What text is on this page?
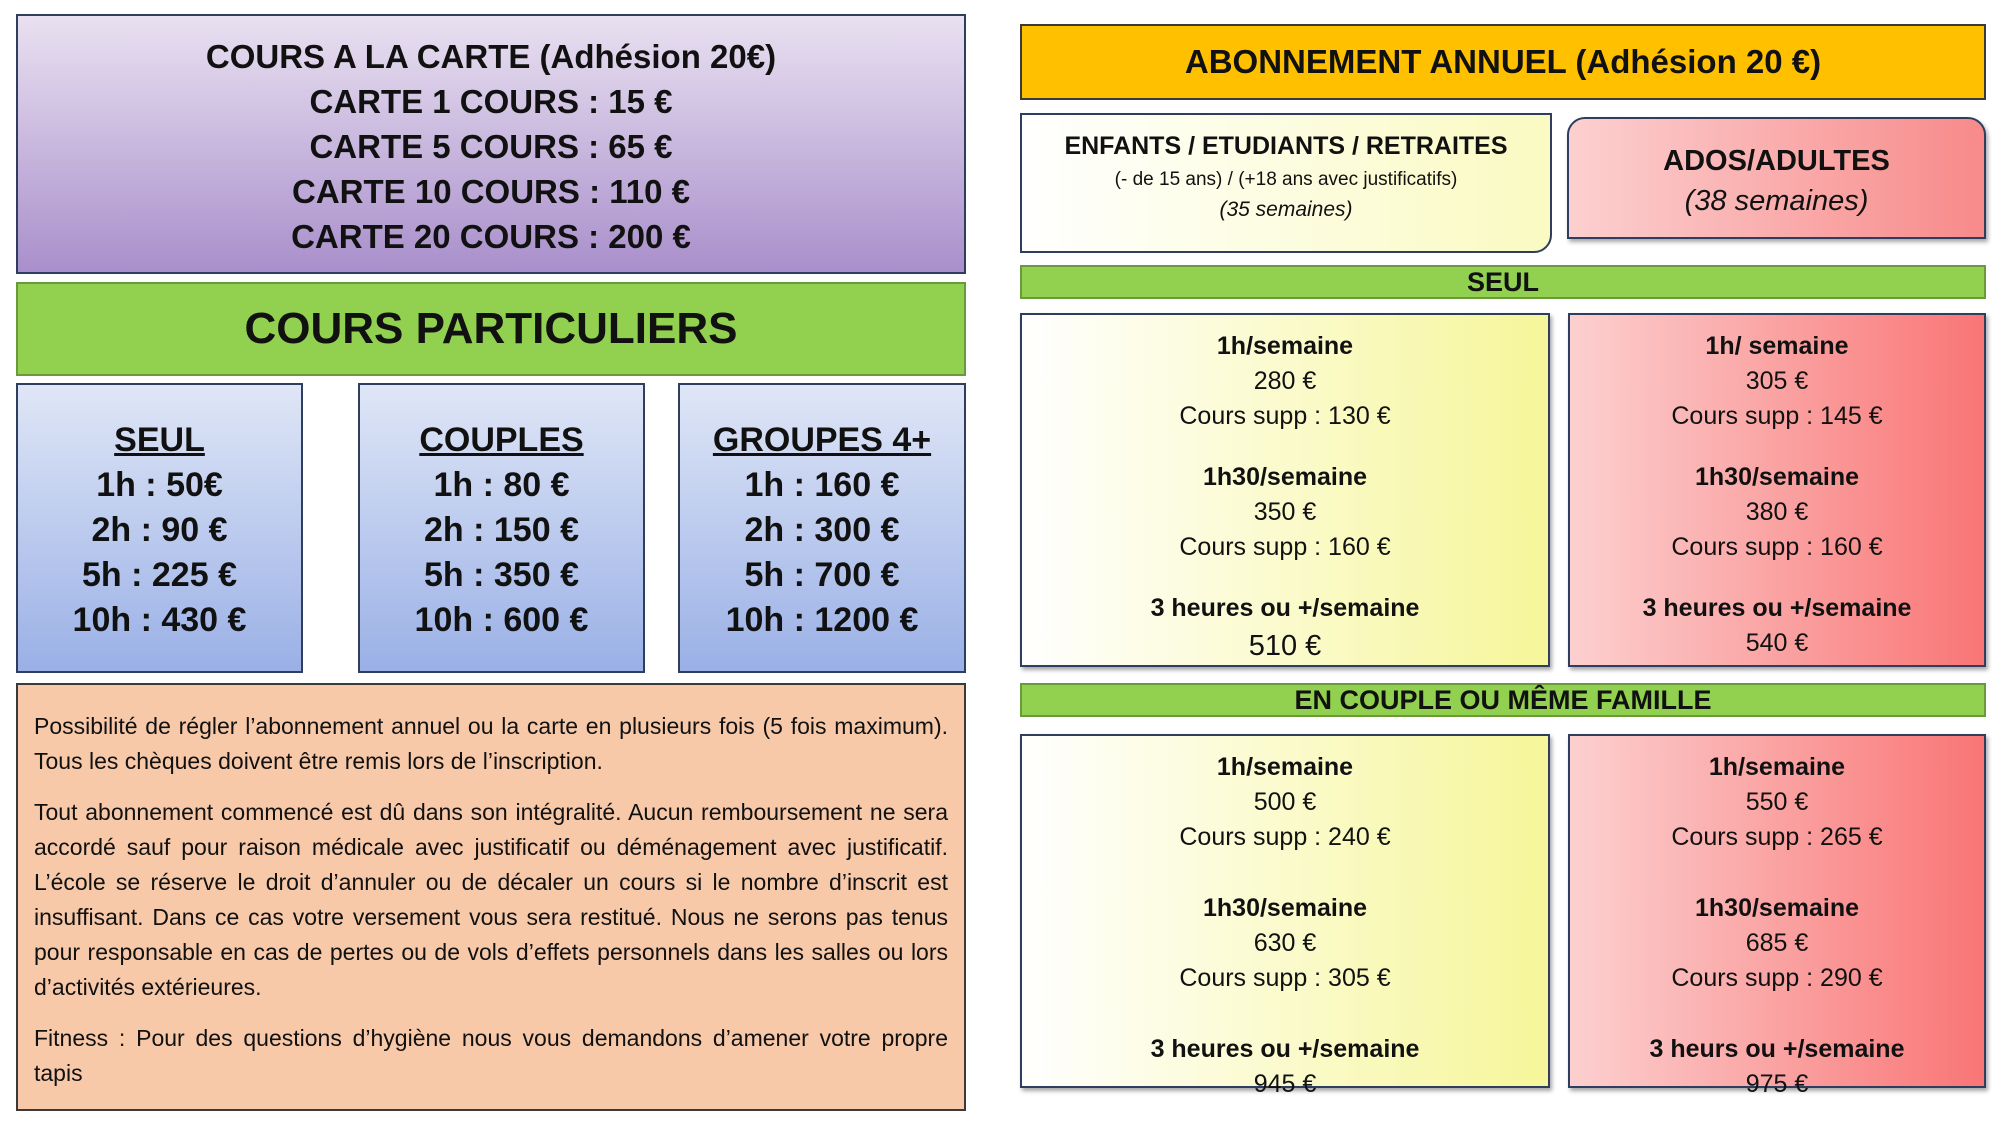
COURS A LA CARTE (Adhésion 20€)
CARTE 1 COURS : 15 €
CARTE 5 COURS : 65 €
CARTE 10 COURS : 110 €
CARTE 20 COURS : 200 €
COURS PARTICULIERS
SEUL
1h : 50€
2h : 90 €
5h : 225 €
10h : 430 €
COUPLES
1h : 80 €
2h : 150 €
5h : 350 €
10h : 600 €
GROUPES 4+
1h : 160 €
2h : 300 €
5h : 700 €
10h : 1200 €

Possibilité de régler l’abonnement annuel ou la carte en plusieurs fois (5 fois maximum). Tous les chèques doivent être remis lors de l’inscription.

Tout abonnement commencé est dû dans son intégralité. Aucun remboursement ne sera accordé sauf pour raison médicale avec justificatif ou déménagement avec justificatif. L’école se réserve le droit d’annuler ou de décaler un cours si le nombre d’inscrit est insuffisant. Dans ce cas votre versement vous sera restitué. Nous ne serons pas tenus pour responsable en cas de pertes ou de vols d’effets personnels dans les salles ou lors d’activités extérieures.

Fitness : Pour des questions d’hygiène nous vous demandons d’amener votre propre tapis

ABONNEMENT ANNUEL (Adhésion 20 €)
ENFANTS / ETUDIANTS / RETRAITES
(- de 15 ans) / (+18 ans avec justificatifs)
(35 semaines)
ADOS/ADULTES
(38 semaines)
SEUL
1h/semaine
280 €
Cours supp : 130 €
1h30/semaine
350 €
Cours supp : 160 €
3 heures ou +/semaine
510 €
1h/ semaine
305 €
Cours supp : 145 €
1h30/semaine
380 €
Cours supp : 160 €
3 heures ou +/semaine
540 €
EN COUPLE OU MÊME FAMILLE
1h/semaine
500 €
Cours supp : 240 €
1h30/semaine
630 €
Cours supp : 305 €
3 heures ou +/semaine
945 €
1h/semaine
550 €
Cours supp : 265 €
1h30/semaine
685 €
Cours supp : 290 €
3 heurs ou +/semaine
975 €
